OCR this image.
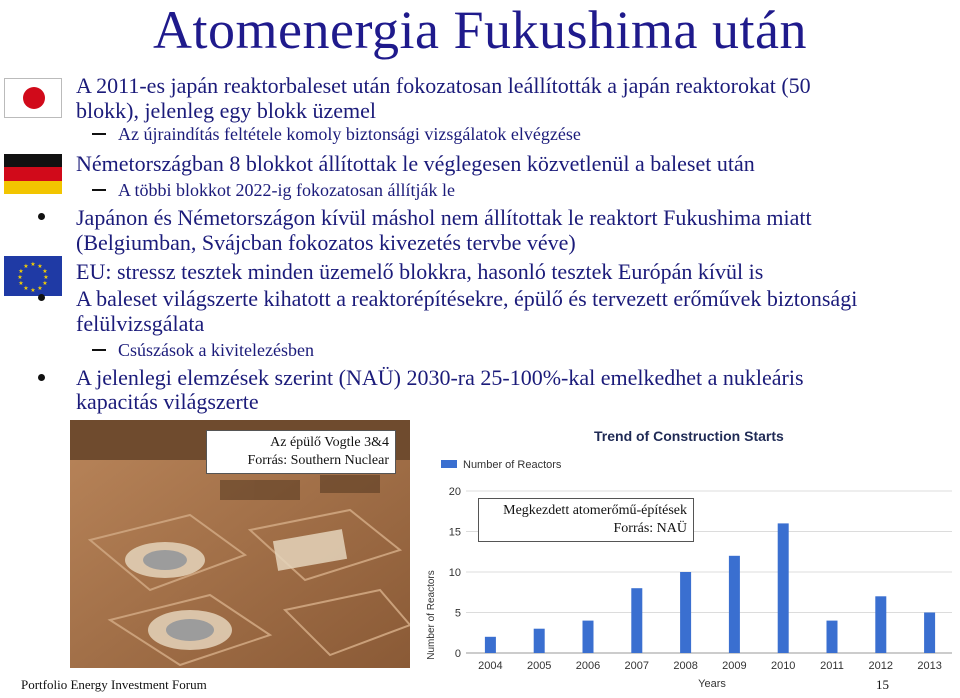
Atomenergia Fukushima után
★ ★
★
★
★
★
★
★
★
★
★
★
A 2011-es japán reaktorbaleset után fokozatosan leállították a japán reaktorokat (50
blokk), jelenleg egy blokk üzemel
Az újraindítás feltétele komoly biztonsági vizsgálatok elvégzése
Németországban 8 blokkot állítottak le véglegesen közvetlenül a baleset után
A többi blokkot 2022-ig fokozatosan állítják le
Japánon és Németországon kívül máshol nem állítottak le reaktort Fukushima miatt
(Belgiumban, Svájcban fokozatos kivezetés tervbe véve)
EU: stressz tesztek minden üzemelő blokkra, hasonló tesztek Európán kívül is
A baleset világszerte kihatott a reaktorépítésekre, épülő és tervezett erőművek biztonsági
felülvizsgálata
Csúszások a kivitelezésben
A jelenlegi elemzések szerint (NAÜ) 2030-ra 25-100%-kal emelkedhet a nukleáris
kapacitás világszerte
Az épülő Vogtle 3&4
Forrás: Southern Nuclear
Trend of Construction Starts
Number of Reactors
Number of Reactors
Years
0
5
10
15
20
2004 2005 2006 2007 2008 2009 2010 2011 2012 2013
Megkezdett atomerőmű-építések
Forrás: NAÜ
Portfolio Energy Investment Forum	15
